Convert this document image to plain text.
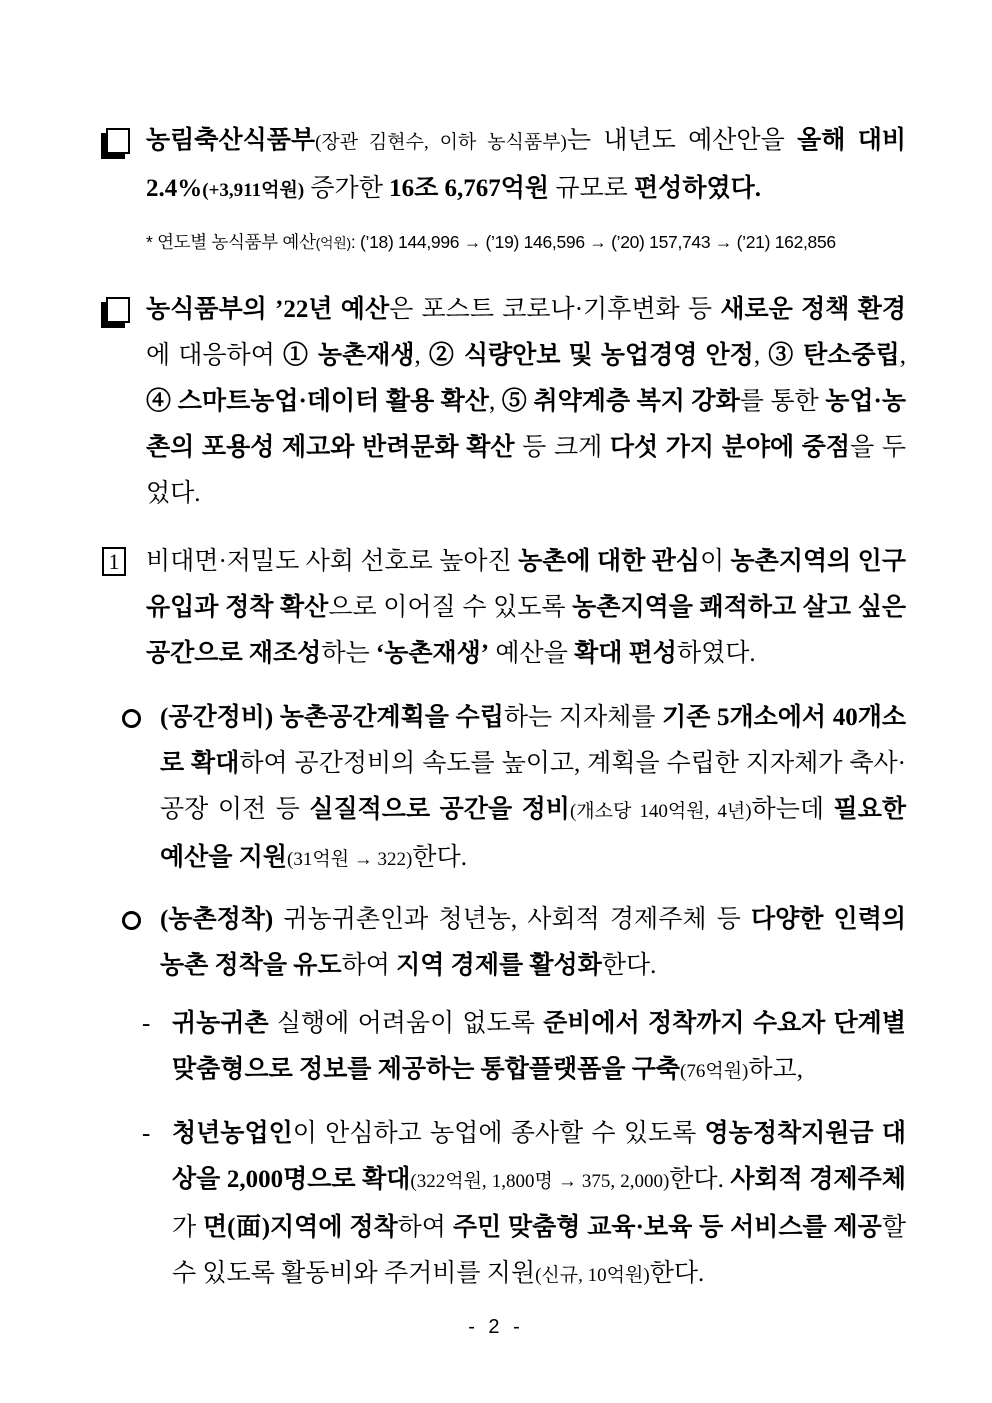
농림축산식품부(장관 김현수, 이하 농식품부)는 내년도 예산안을 올해 대비 2.4%(+3,911억원) 증가한 16조 6,767억원 규모로 편성하였다.
* 연도별 농식품부 예산(억원): (’18) 144,996 → (’19) 146,596 → (’20) 157,743 → (’21) 162,856
농식품부의 ’22년 예산은 포스트 코로나·기후변화 등 새로운 정책 환경에 대응하여 ① 농촌재생, ② 식량안보 및 농업경영 안정, ③ 탄소중립, ④ 스마트농업·데이터 활용 확산, ⑤ 취약계층 복지 강화를 통한 농업·농촌의 포용성 제고와 반려문화 확산 등 크게 다섯 가지 분야에 중점을 두었다.
1 비대면·저밀도 사회 선호로 높아진 농촌에 대한 관심이 농촌지역의 인구 유입과 정착 확산으로 이어질 수 있도록 농촌지역을 쾌적하고 살고 싶은 공간으로 재조성하는 ‘농촌재생’ 예산을 확대 편성하였다.
(공간정비) 농촌공간계획을 수립하는 지자체를 기존 5개소에서 40개소로 확대하여 공간정비의 속도를 높이고, 계획을 수립한 지자체가 축사·공장 이전 등 실질적으로 공간을 정비(개소당 140억원, 4년)하는데 필요한 예산을 지원(31억원 → 322)한다.
(농촌정착) 귀농귀촌인과 청년농, 사회적 경제주체 등 다양한 인력의 농촌 정착을 유도하여 지역 경제를 활성화한다.
- 귀농귀촌 실행에 어려움이 없도록 준비에서 정착까지 수요자 단계별 맞춤형으로 정보를 제공하는 통합플랫폼을 구축(76억원)하고,
- 청년농업인이 안심하고 농업에 종사할 수 있도록 영농정착지원금 대상을 2,000명으로 확대(322억원, 1,800명 → 375, 2,000)한다. 사회적 경제주체가 면(面)지역에 정착하여 주민 맞춤형 교육·보육 등 서비스를 제공할 수 있도록 활동비와 주거비를 지원(신규, 10억원)한다.
- 2 -
